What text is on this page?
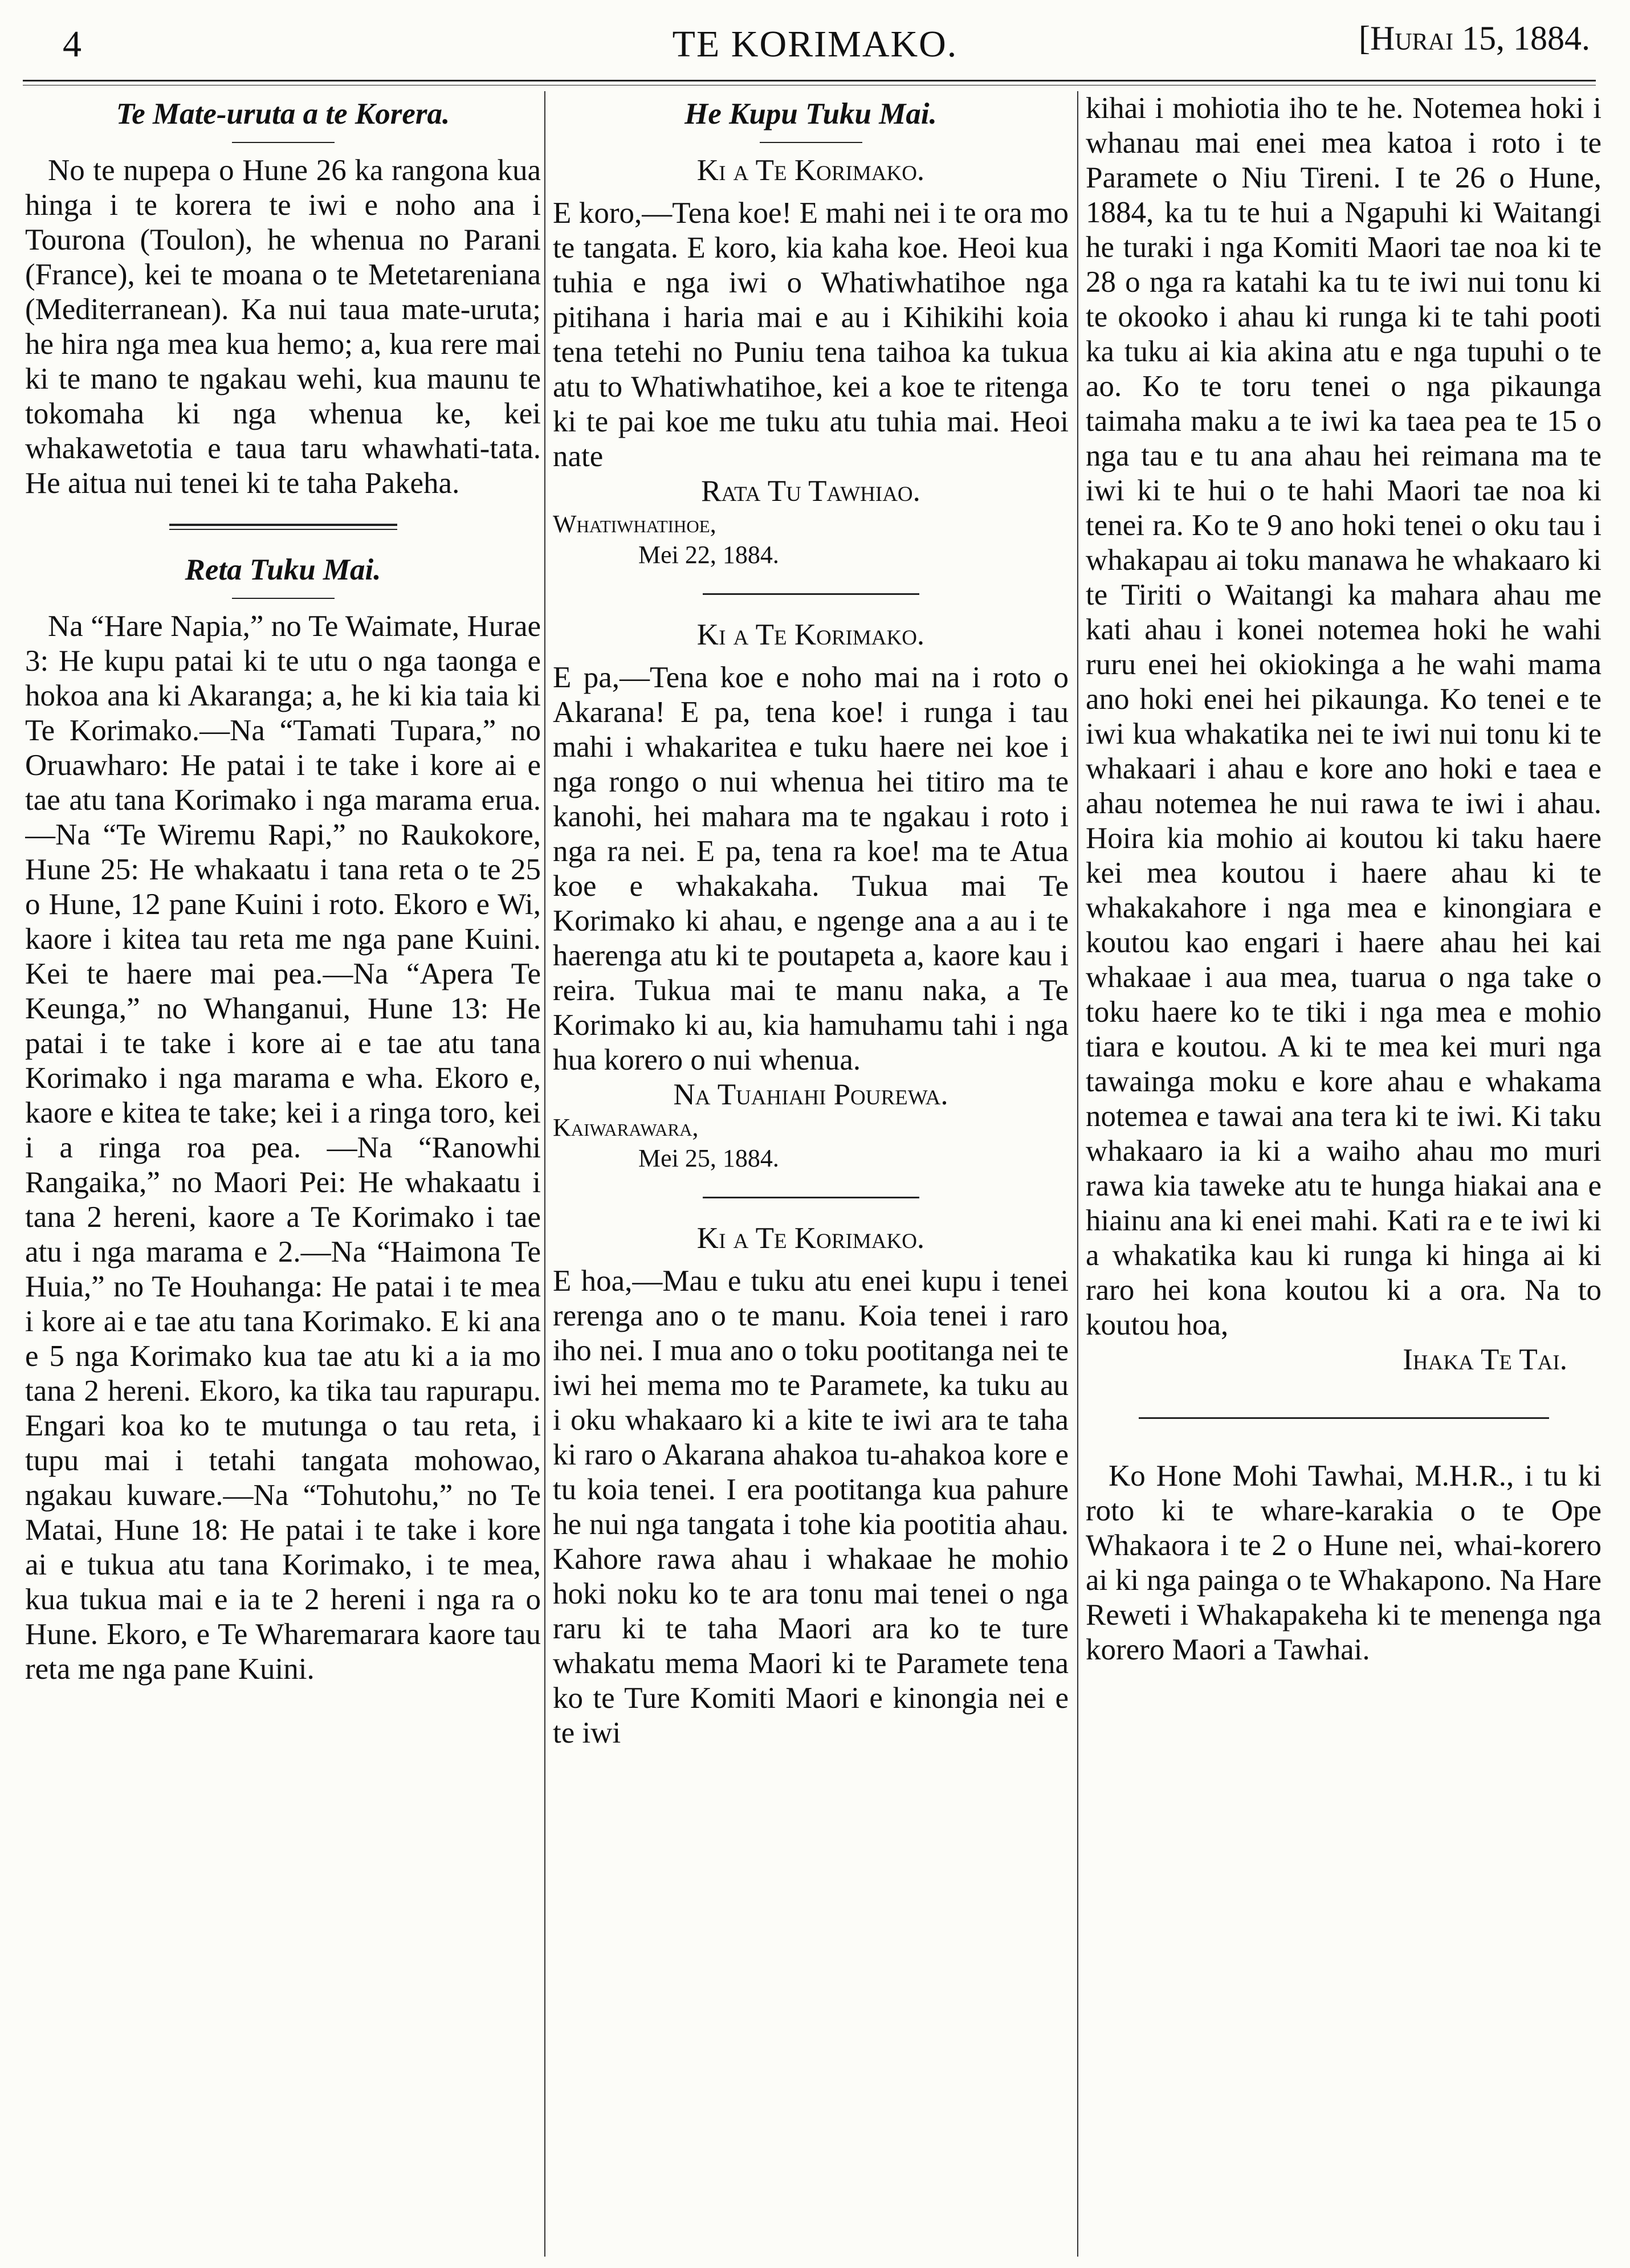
4	TE KORIMAKO.	[Hurai 15, 1884.
Te Mate-uruta a te Korera.

No te nupepa o Hune 26 ka rangona kua hinga i te korera te iwi e noho ana i Tourona (Toulon), he whenua no Parani (France), kei te moana o te Metetareniana (Mediterranean). Ka nui taua mate-uruta; he hira nga mea kua hemo; a, kua rere mai ki te mano te ngakau wehi, kua maunu te tokomaha ki nga whenua ke, kei whakawetotia e taua taru whawhati-tata. He aitua nui tenei ki te taha Pakeha.

Reta Tuku Mai.

Na “Hare Napia,” no Te Waimate, Hurae 3: He kupu patai ki te utu o nga taonga e hokoa ana ki Akaranga; a, he ki kia taia ki Te Korimako.—Na “Tamati Tupara,” no Oruawharo: He patai i te take i kore ai e tae atu tana Korimako i nga marama erua.—Na “Te Wiremu Rapi,” no Raukokore, Hune 25: He whakaatu i tana reta o te 25 o Hune, 12 pane Kuini i roto. Ekoro e Wi, kaore i kitea tau reta me nga pane Kuini. Kei te haere mai pea.—Na “Apera Te Keunga,” no Whanganui, Hune 13: He patai i te take i kore ai e tae atu tana Korimako i nga marama e wha. Ekoro e, kaore e kitea te take; kei i a ringa toro, kei i a ringa roa pea. —Na “Ranowhi Rangaika,” no Maori Pei: He whakaatu i tana 2 hereni, kaore a Te Korimako i tae atu i nga marama e 2.—Na “Haimona Te Huia,” no Te Houhanga: He patai i te mea i kore ai e tae atu tana Korimako. E ki ana e 5 nga Korimako kua tae atu ki a ia mo tana 2 hereni. Ekoro, ka tika tau rapurapu. Engari koa ko te mutunga o tau reta, i tupu mai i tetahi tangata mohowao, ngakau kuware.—Na “Tohutohu,” no Te Matai, Hune 18: He patai i te take i kore ai e tukua atu tana Korimako, i te mea, kua tukua mai e ia te 2 hereni i nga ra o Hune. Ekoro, e Te Wharemarara kaore tau reta me nga pane Kuini.

He Kupu Tuku Mai.
Ki a Te Korimako.

E koro,—Tena koe! E mahi nei i te ora mo te tangata. E koro, kia kaha koe. Heoi kua tuhia e nga iwi o Whatiwhatihoe nga pitihana i haria mai e au i Kihikihi koia tena tetehi no Puniu tena taihoa ka tukua atu to Whatiwhatihoe, kei a koe te ritenga ki te pai koe me tuku atu tuhia mai. Heoi nate

Rata Tu Tawhiao.
Whatiwhatihoe,
Mei 22, 1884.
Ki a Te Korimako.

E pa,—Tena koe e noho mai na i roto o Akarana! E pa, tena koe! i runga i tau mahi i whakaritea e tuku haere nei koe i nga rongo o nui whenua hei titiro ma te kanohi, hei mahara ma te ngakau i roto i nga ra nei. E pa, tena ra koe! ma te Atua koe e whakakaha. Tukua mai Te Korimako ki ahau, e ngenge ana a au i te haerenga atu ki te poutapeta a, kaore kau i reira. Tukua mai te manu naka, a Te Korimako ki au, kia hamuhamu tahi i nga hua korero o nui whenua.

Na Tuahiahi Pourewa.
Kaiwarawara,
Mei 25, 1884.
Ki a Te Korimako.

E hoa,—Mau e tuku atu enei kupu i tenei rerenga ano o te manu. Koia tenei i raro iho nei. I mua ano o toku pootitanga nei te iwi hei mema mo te Paramete, ka tuku au i oku whakaaro ki a kite te iwi ara te taha ki raro o Akarana ahakoa tu-ahakoa kore e tu koia tenei. I era pootitanga kua pahure he nui nga tangata i tohe kia pootitia ahau. Kahore rawa ahau i whakaae he mohio hoki noku ko te ara tonu mai tenei o nga raru ki te taha Maori ara ko te ture whakatu mema Maori ki te Paramete tena ko te Ture Komiti Maori e kinongia nei e te iwi

kihai i mohiotia iho te he. Notemea hoki i whanau mai enei mea katoa i roto i te Paramete o Niu Tireni. I te 26 o Hune, 1884, ka tu te hui a Ngapuhi ki Waitangi he turaki i nga Komiti Maori tae noa ki te 28 o nga ra katahi ka tu te iwi nui tonu ki te okooko i ahau ki runga ki te tahi pooti ka tuku ai kia akina atu e nga tupuhi o te ao. Ko te toru tenei o nga pikaunga taimaha maku a te iwi ka taea pea te 15 o nga tau e tu ana ahau hei reimana ma te iwi ki te hui o te hahi Maori tae noa ki tenei ra. Ko te 9 ano hoki tenei o oku tau i whakapau ai toku manawa he whakaaro ki te Tiriti o Waitangi ka mahara ahau me kati ahau i konei notemea hoki he wahi ruru enei hei okiokinga a he wahi mama ano hoki enei hei pikaunga. Ko tenei e te iwi kua whakatika nei te iwi nui tonu ki te whakaari i ahau e kore ano hoki e taea e ahau notemea he nui rawa te iwi i ahau. Hoira kia mohio ai koutou ki taku haere kei mea koutou i haere ahau ki te whakakahore i nga mea e kinongiara e koutou kao engari i haere ahau hei kai whakaae i aua mea, tuarua o nga take o toku haere ko te tiki i nga mea e mohio tiara e koutou. A ki te mea kei muri nga tawainga moku e kore ahau e whakama notemea e tawai ana tera ki te iwi. Ki taku whakaaro ia ki a waiho ahau mo muri rawa kia taweke atu te hunga hiakai ana e hiainu ana ki enei mahi. Kati ra e te iwi ki a whakatika kau ki runga ki hinga ai ki raro hei kona koutou ki a ora. Na to koutou hoa,

Ihaka Te Tai.

Ko Hone Mohi Tawhai, M.H.R., i tu ki roto ki te whare-karakia o te Ope Whakaora i te 2 o Hune nei, whai-korero ai ki nga painga o te Whakapono. Na Hare Reweti i Whakapakeha ki te menenga nga korero Maori a Tawhai.
